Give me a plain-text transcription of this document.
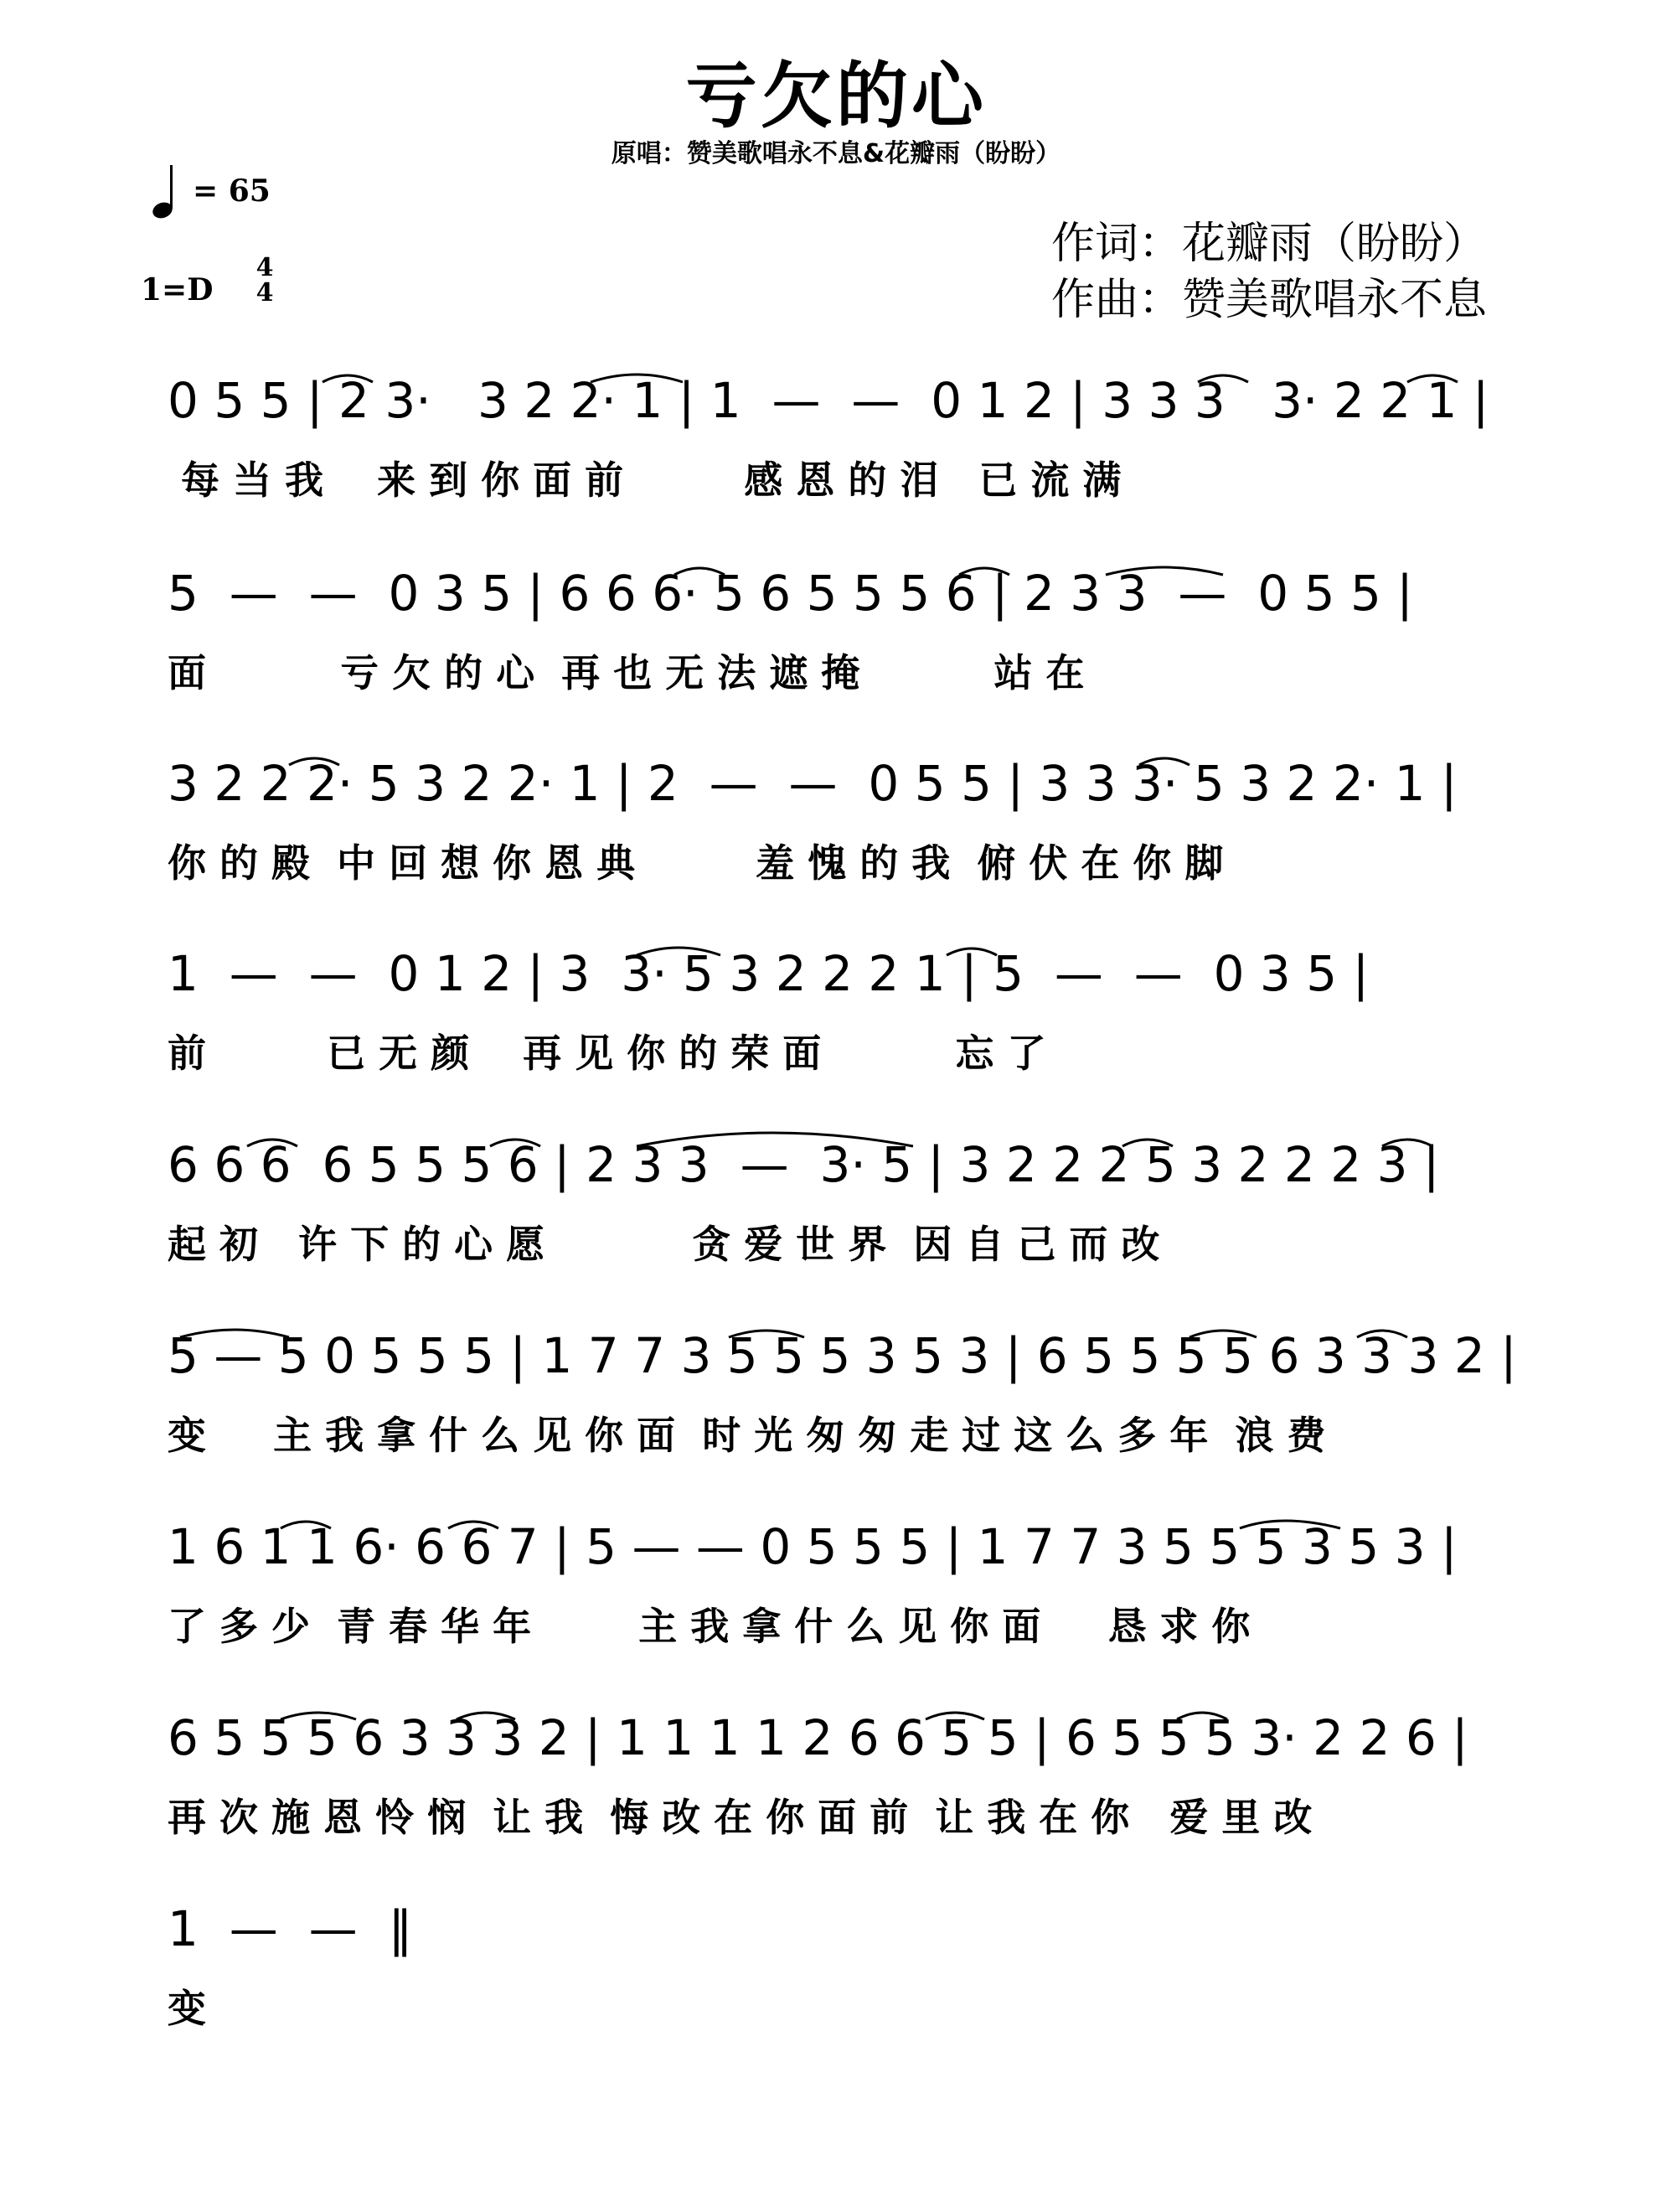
亏欠的心
原唱：赞美歌唱永不息&花瓣雨（盼盼）
= 65
作词：花瓣雨（盼盼）
作曲：赞美歌唱永不息
1=D
4
4
0 5 5 | 2 3·   3 2 2· 1 | 1  —  —  0 1 2 | 3 3 3   3· 2 2 1 |
每 当 我    来 到 你 面 前         感 恩 的 泪   已 流 满
5  —  —  0 3 5 | 6 6 6· 5 6 5 5 5 6 | 2 3 3  —  0 5 5 |
面          亏 欠 的 心  再 也 无 法 遮 掩          站 在
3 2 2 2· 5 3 2 2· 1 | 2  —  —  0 5 5 | 3 3 3· 5 3 2 2· 1 |
你 的 殿  中 回 想 你 恩 典         羞 愧 的 我  俯 伏 在 你 脚
1  —  —  0 1 2 | 3  3· 5 3 2 2 2 1 | 5  —  —  0 3 5 |
前         已 无 颜    再 见 你 的 荣 面          忘 了
6 6 6  6 5 5 5 6 | 2 3 3  —  3· 5 | 3 2 2 2 5 3 2 2 2 3 |
起 初   许 下 的 心 愿           贪 爱 世 界  因 自 己 而 改
5 — 5 0 5 5 5 | 1 7 7 3 5 5 5 3 5 3 | 6 5 5 5 5 6 3 3 3 2 |
变     主 我 拿 什 么 见 你 面  时 光 匆 匆 走 过 这 么 多 年  浪 费
1 6 1 1 6· 6 6 7 | 5 — — 0 5 5 5 | 1 7 7 3 5 5 5 3 5 3 |
了 多 少  青 春 华 年        主 我 拿 什 么 见 你 面     恳 求 你
6 5 5 5 6 3 3 3 2 | 1 1 1 1 2 6 6 5 5 | 6 5 5 5 3· 2 2 6 |
再 次 施 恩 怜 悯  让 我  悔 改 在 你 面 前  让 我 在 你   爱 里 改
1  —  —  ‖
变
